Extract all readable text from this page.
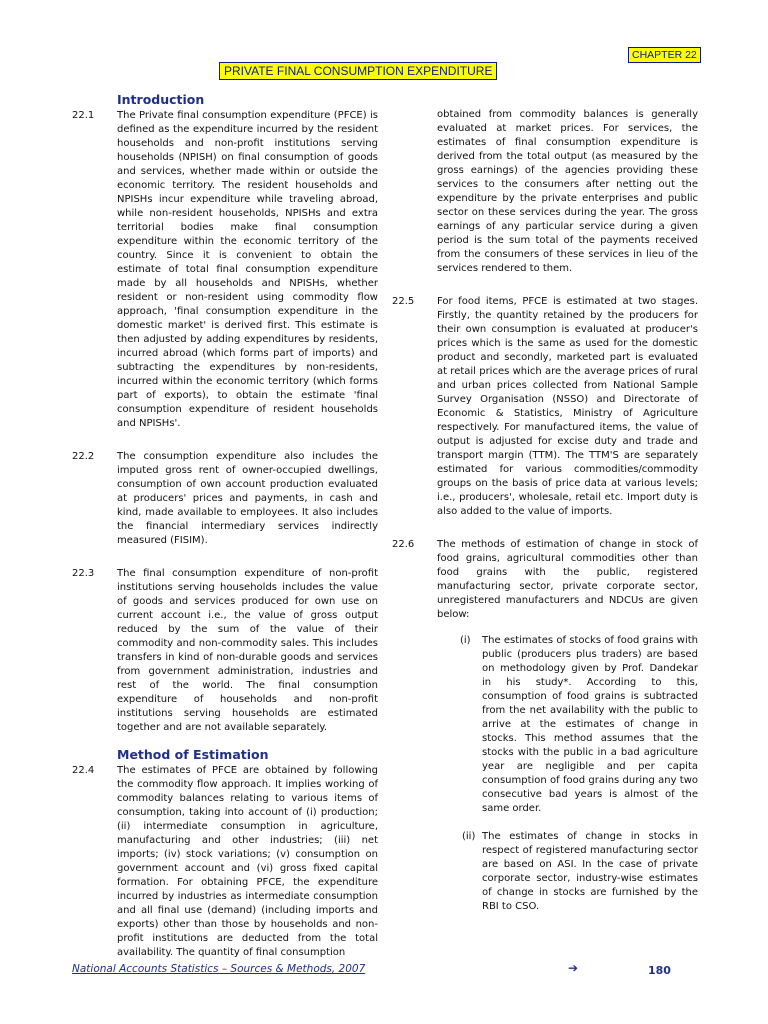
CHAPTER 22
PRIVATE FINAL CONSUMPTION EXPENDITURE
Introduction
22.1 The Private final consumption expenditure (PFCE) is defined as the expenditure incurred by the resident households and non-profit institutions serving households (NPISH) on final consumption of goods and services, whether made within or outside the economic territory. The resident households and NPISHs incur expenditure while traveling abroad, while non-resident households, NPISHs and extra territorial bodies make final consumption expenditure within the economic territory of the country. Since it is convenient to obtain the estimate of total final consumption expenditure made by all households and NPISHs, whether resident or non-resident using commodity flow approach, 'final consumption expenditure in the domestic market' is derived first. This estimate is then adjusted by adding expenditures by residents, incurred abroad (which forms part of imports) and subtracting the expenditures by non-residents, incurred within the economic territory (which forms part of exports), to obtain the estimate 'final consumption expenditure of resident households and NPISHs'.
22.2 The consumption expenditure also includes the imputed gross rent of owner-occupied dwellings, consumption of own account production evaluated at producers' prices and payments, in cash and kind, made available to employees. It also includes the financial intermediary services indirectly measured (FISIM).
22.3 The final consumption expenditure of non-profit institutions serving households includes the value of goods and services produced for own use on current account i.e., the value of gross output reduced by the sum of the value of their commodity and non-commodity sales. This includes transfers in kind of non-durable goods and services from government administration, industries and rest of the world. The final consumption expenditure of households and non-profit institutions serving households are estimated together and are not available separately.
Method of Estimation
22.4 The estimates of PFCE are obtained by following the commodity flow approach. It implies working of commodity balances relating to various items of consumption, taking into account of (i) production; (ii) intermediate consumption in agriculture, manufacturing and other industries; (iii) net imports; (iv) stock variations; (v) consumption on government account and (vi) gross fixed capital formation. For obtaining PFCE, the expenditure incurred by industries as intermediate consumption and all final use (demand) (including imports and exports) other than those by households and non-profit institutions are deducted from the total availability. The quantity of final consumption
obtained from commodity balances is generally evaluated at market prices. For services, the estimates of final consumption expenditure is derived from the total output (as measured by the gross earnings) of the agencies providing these services to the consumers after netting out the expenditure by the private enterprises and public sector on these services during the year. The gross earnings of any particular service during a given period is the sum total of the payments received from the consumers of these services in lieu of the services rendered to them.
22.5 For food items, PFCE is estimated at two stages. Firstly, the quantity retained by the producers for their own consumption is evaluated at producer's prices which is the same as used for the domestic product and secondly, marketed part is evaluated at retail prices which are the average prices of rural and urban prices collected from National Sample Survey Organisation (NSSO) and Directorate of Economic & Statistics, Ministry of Agriculture respectively. For manufactured items, the value of output is adjusted for excise duty and trade and transport margin (TTM). The TTM'S are separately estimated for various commodities/commodity groups on the basis of price data at various levels; i.e., producers', wholesale, retail etc. Import duty is also added to the value of imports.
22.6 The methods of estimation of change in stock of food grains, agricultural commodities other than food grains with the public, registered manufacturing sector, private corporate sector, unregistered manufacturers and NDCUs are given below:
(i) The estimates of stocks of food grains with public (producers plus traders) are based on methodology given by Prof. Dandekar in his study*. According to this, consumption of food grains is subtracted from the net availability with the public to arrive at the estimates of change in stocks. This method assumes that the stocks with the public in a bad agriculture year are negligible and per capita consumption of food grains during any two consecutive bad years is almost of the same order.
(ii) The estimates of change in stocks in respect of registered manufacturing sector are based on ASI. In the case of private corporate sector, industry-wise estimates of change in stocks are furnished by the RBI to CSO.
National Accounts Statistics – Sources & Methods, 2007	➔	180
